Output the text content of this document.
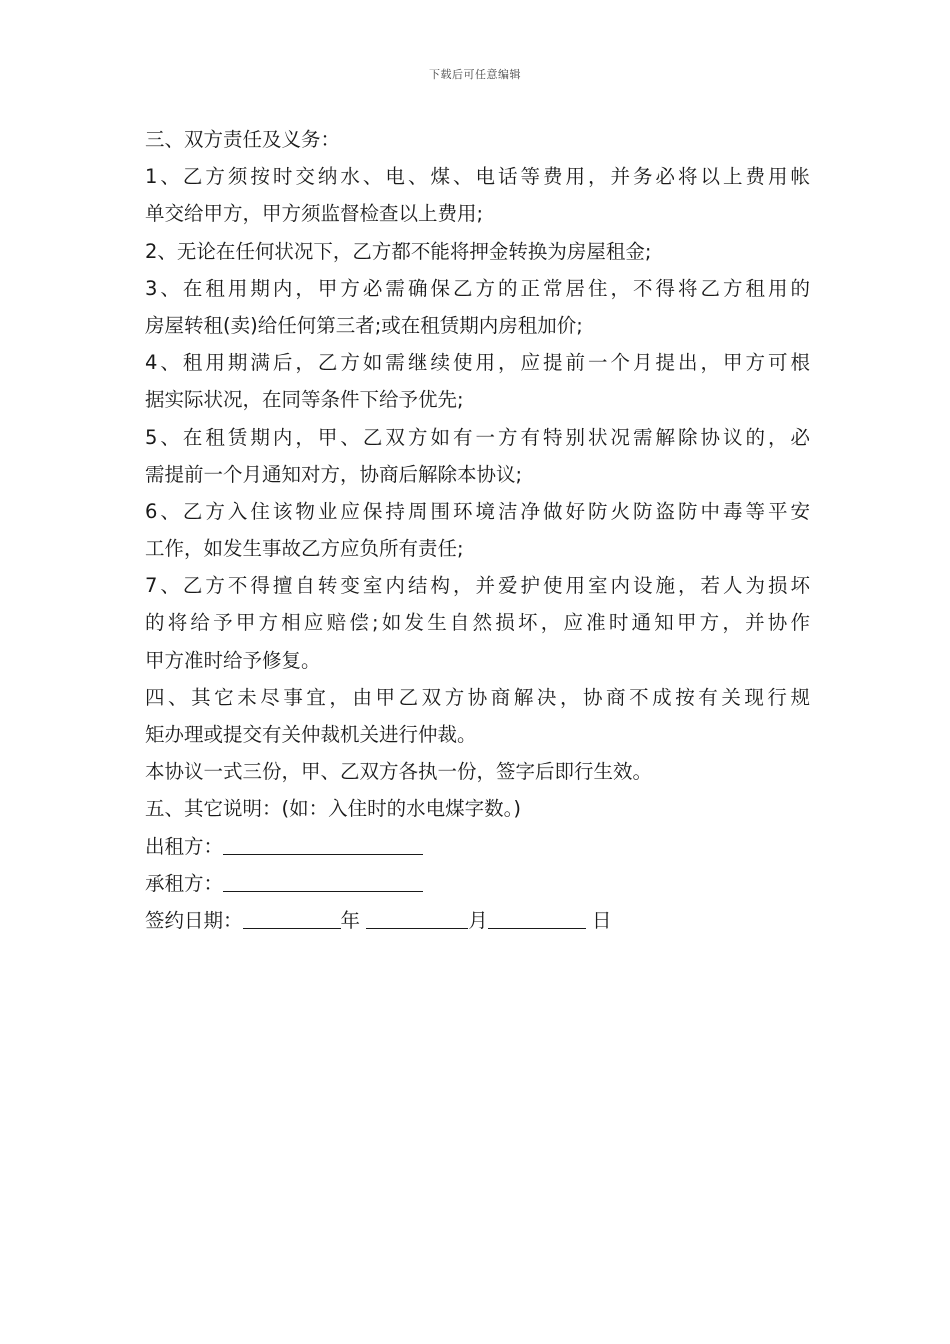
下载后可任意编辑
三、双方责任及义务：
1、乙方须按时交纳水、电、煤、电话等费用，并务必将以上费用帐
单交给甲方，甲方须监督检查以上费用;
2、无论在任何状况下，乙方都不能将押金转换为房屋租金;
3、在租用期内，甲方必需确保乙方的正常居住，不得将乙方租用的
房屋转租(卖)给任何第三者;或在租赁期内房租加价;
4、租用期满后，乙方如需继续使用，应提前一个月提出，甲方可根
据实际状况，在同等条件下给予优先;
5、在租赁期内，甲、乙双方如有一方有特别状况需解除协议的，必
需提前一个月通知对方，协商后解除本协议;
6、乙方入住该物业应保持周围环境洁净做好防火防盗防中毒等平安
工作，如发生事故乙方应负所有责任;
7、乙方不得擅自转变室内结构，并爱护使用室内设施，若人为损坏
的将给予甲方相应赔偿;如发生自然损坏，应准时通知甲方，并协作
甲方准时给予修复。
四、其它未尽事宜，由甲乙双方协商解决，协商不成按有关现行规
矩办理或提交有关仲裁机关进行仲裁。
本协议一式三份，甲、乙双方各执一份，签字后即行生效。
五、其它说明：(如：入住时的水电煤字数。)
出租方：
承租方：
签约日期：	年	月	日
